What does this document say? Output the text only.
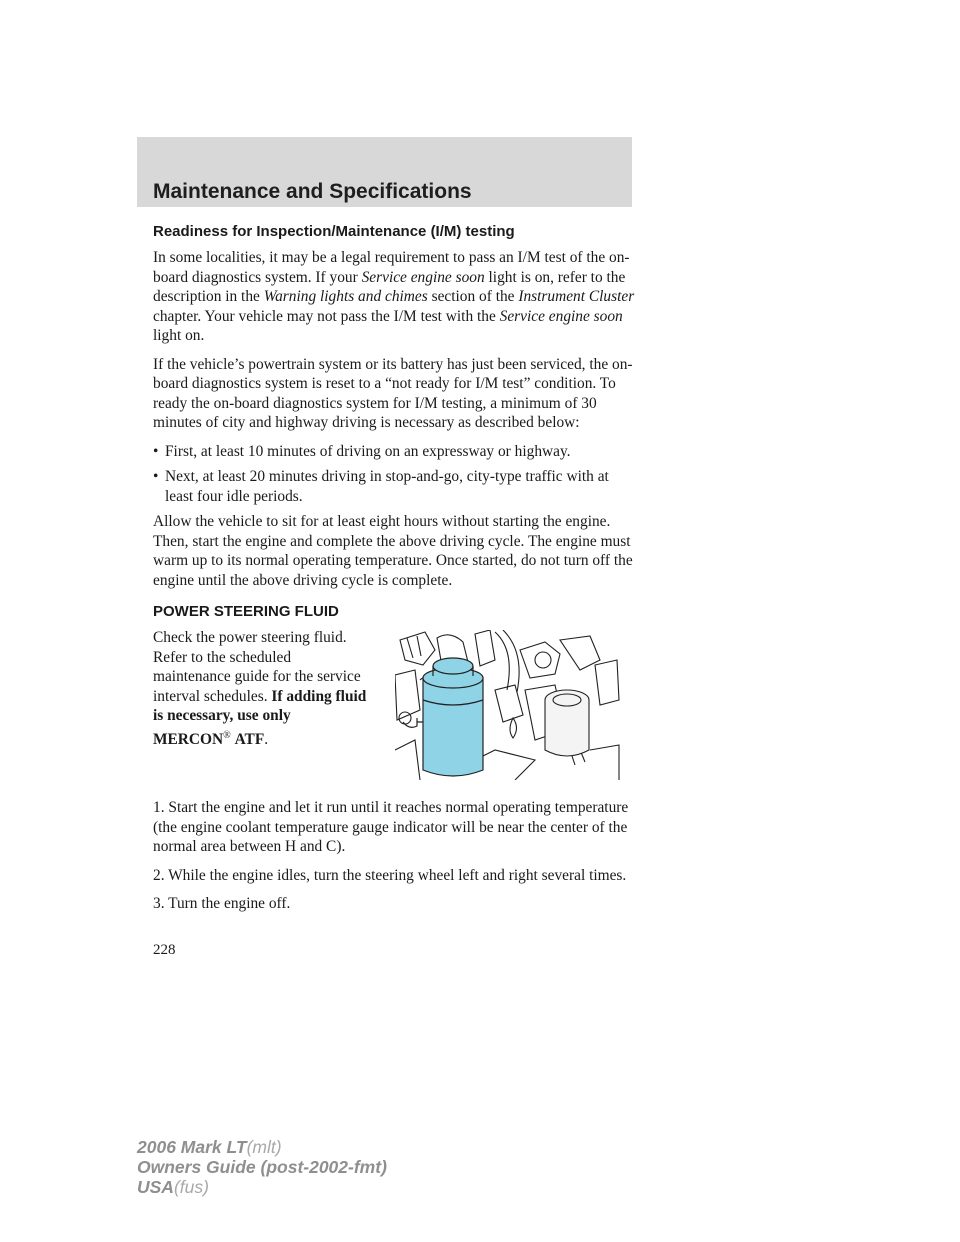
Maintenance and Specifications
Readiness for Inspection/Maintenance (I/M) testing

In some localities, it may be a legal requirement to pass an I/M test of the on-board diagnostics system. If your Service engine soon light is on, refer to the description in the Warning lights and chimes section of the Instrument Cluster chapter. Your vehicle may not pass the I/M test with the Service engine soon light on.

If the vehicle’s powertrain system or its battery has just been serviced, the on-board diagnostics system is reset to a “not ready for I/M test” condition. To ready the on-board diagnostics system for I/M testing, a minimum of 30 minutes of city and highway driving is necessary as described below:

• First, at least 10 minutes of driving on an expressway or highway.
• Next, at least 20 minutes driving in stop-and-go, city-type traffic with at least four idle periods.

Allow the vehicle to sit for at least eight hours without starting the engine. Then, start the engine and complete the above driving cycle. The engine must warm up to its normal operating temperature. Once started, do not turn off the engine until the above driving cycle is complete.

POWER STEERING FLUID
Check the power steering fluid. Refer to the scheduled maintenance guide for the service interval schedules. If adding fluid is necessary, use only MERCON® ATF.

1. Start the engine and let it run until it reaches normal operating temperature (the engine coolant temperature gauge indicator will be near the center of the normal area between H and C).

2. While the engine idles, turn the steering wheel left and right several times.

3. Turn the engine off.

228
2006 Mark LT(mlt)
Owners Guide (post-2002-fmt)
USA(fus)
